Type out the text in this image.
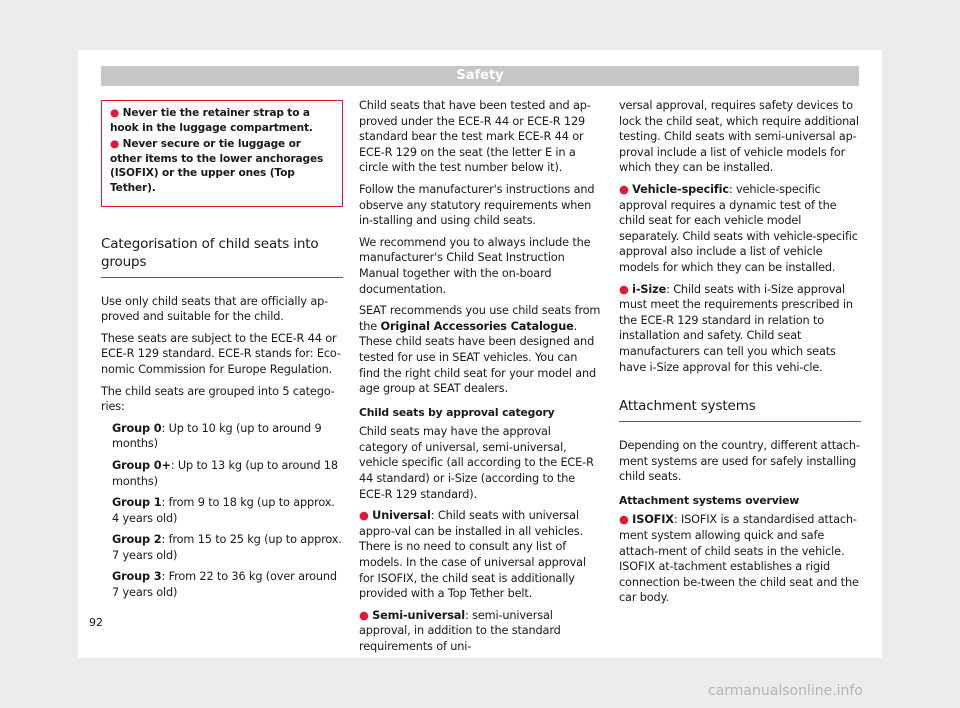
Safety
● Never tie the retainer strap to a hook in the luggage compartment.
● Never secure or tie luggage or other items to the lower anchorages (ISOFIX) or the upper ones (Top Tether).
Categorisation of child seats into groups

Use only child seats that are officially ap-proved and suitable for the child.

These seats are subject to the ECE-R 44 or ECE-R 129 standard. ECE-R stands for: Eco-nomic Commission for Europe Regulation.

The child seats are grouped into 5 catego-ries:

Group 0: Up to 10 kg (up to around 9 months)
Group 0+: Up to 13 kg (up to around 18 months)
Group 1: from 9 to 18 kg (up to approx. 4 years old)
Group 2: from 15 to 25 kg (up to approx. 7 years old)
Group 3: From 22 to 36 kg (over around 7 years old)

Child seats that have been tested and ap-proved under the ECE-R 44 or ECE-R 129 standard bear the test mark ECE-R 44 or ECE-R 129 on the seat (the letter E in a circle with the test number below it).

Follow the manufacturer's instructions and observe any statutory requirements when in-stalling and using child seats.

We recommend you to always include the manufacturer's Child Seat Instruction Manual together with the on-board documentation.

SEAT recommends you use child seats from the Original Accessories Catalogue. These child seats have been designed and tested for use in SEAT vehicles. You can find the right child seat for your model and age group at SEAT dealers.

Child seats by approval category

Child seats may have the approval category of universal, semi-universal, vehicle specific (all according to the ECE-R 44 standard) or i-Size (according to the ECE-R 129 standard).

● Universal: Child seats with universal appro-val can be installed in all vehicles. There is no need to consult any list of models. In the case of universal approval for ISOFIX, the child seat is additionally provided with a Top Tether belt.

● Semi-universal: semi-universal approval, in addition to the standard requirements of uni-

versal approval, requires safety devices to lock the child seat, which require additional testing. Child seats with semi-universal ap-proval include a list of vehicle models for which they can be installed.

● Vehicle-specific: vehicle-specific approval requires a dynamic test of the child seat for each vehicle model separately. Child seats with vehicle-specific approval also include a list of vehicle models for which they can be installed.

● i-Size: Child seats with i-Size approval must meet the requirements prescribed in the ECE-R 129 standard in relation to installation and safety. Child seat manufacturers can tell you which seats have i-Size approval for this vehi-cle.

Attachment systems

Depending on the country, different attach-ment systems are used for safely installing child seats.

Attachment systems overview

● ISOFIX: ISOFIX is a standardised attach-ment system allowing quick and safe attach-ment of child seats in the vehicle. ISOFIX at-tachment establishes a rigid connection be-tween the child seat and the car body.

92
carmanualsonline.info
